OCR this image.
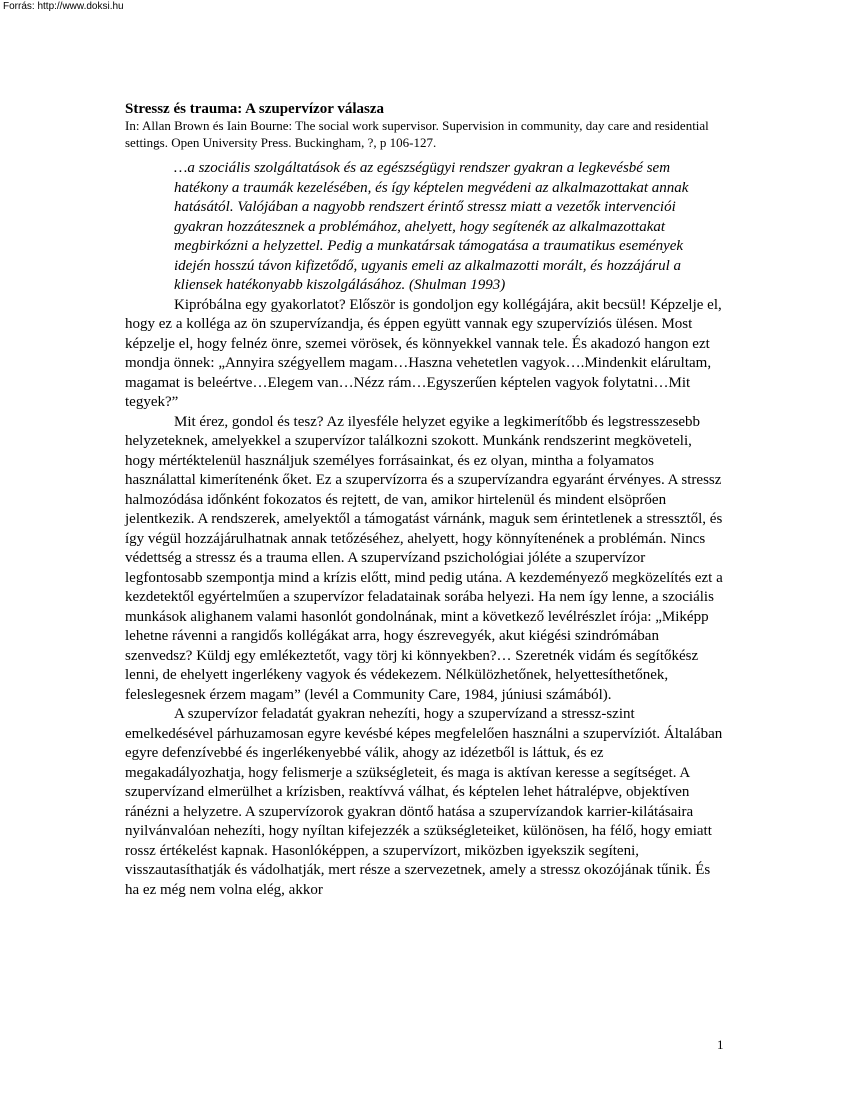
Forrás: http://www.doksi.hu

Stressz és trauma: A szupervízor válasza

In: Allan Brown és Iain Bourne: The social work supervisor. Supervision in community, day care and residential settings. Open University Press. Buckingham, ?, p 106-127.

…a szociális szolgáltatások és az egészségügyi rendszer gyakran a legkevésbé sem hatékony a traumák kezelésében, és így képtelen megvédeni az alkalmazottakat annak hatásától. Valójában a nagyobb rendszert érintő stressz miatt a vezetők intervenciói gyakran hozzátesznek a problémához, ahelyett, hogy segítenék az alkalmazottakat megbirkózni a helyzettel. Pedig a munkatársak támogatása a traumatikus események idején hosszú távon kifizetődő, ugyanis emeli az alkalmazotti morált, és hozzájárul a kliensek hatékonyabb kiszolgálásához. (Shulman 1993)

Kipróbálna egy gyakorlatot? Először is gondoljon egy kollégájára, akit becsül! Képzelje el, hogy ez a kolléga az ön szupervízandja, és éppen együtt vannak egy szupervíziós ülésen. Most képzelje el, hogy felnéz önre, szemei vörösek, és könnyekkel vannak tele. És akadozó hangon ezt mondja önnek: „Annyira szégyellem magam…Haszna vehetetlen vagyok….Mindenkit elárultam, magamat is beleértve…Elegem van…Nézz rám…Egyszerűen képtelen vagyok folytatni…Mit tegyek?”

Mit érez, gondol és tesz? Az ilyesféle helyzet egyike a legkimerítőbb és legstresszesebb helyzeteknek, amelyekkel a szupervízor találkozni szokott. Munkánk rendszerint megköveteli, hogy mértéktelenül használjuk személyes forrásainkat, és ez olyan, mintha a folyamatos használattal kimerítenénk őket. Ez a szupervízorra és a szupervízandra egyaránt érvényes. A stressz halmozódása időnként fokozatos és rejtett, de van, amikor hirtelenül és mindent elsöprően jelentkezik. A rendszerek, amelyektől a támogatást várnánk, maguk sem érintetlenek a stressztől, és így végül hozzájárulhatnak annak tetőzéséhez, ahelyett, hogy könnyítenének a problémán. Nincs védettség a stressz és a trauma ellen. A szupervízand pszichológiai jóléte a szupervízor legfontosabb szempontja mind a krízis előtt, mind pedig utána. A kezdeményező megközelítés ezt a kezdetektől egyértelműen a szupervízor feladatainak sorába helyezi. Ha nem így lenne, a szociális munkások alighanem valami hasonlót gondolnának, mint a következő levélrészlet írója: „Miképp lehetne rávenni a rangidős kollégákat arra, hogy észrevegyék, akut kiégési szindrómában szenvedsz? Küldj egy emlékeztetőt, vagy törj ki könnyekben?… Szeretnék vidám és segítőkész lenni, de ehelyett ingerlékeny vagyok és védekezem. Nélkülözhetőnek, helyettesíthetőnek, feleslegesnek érzem magam” (levél a Community Care, 1984, júniusi számából).

A szupervízor feladatát gyakran nehezíti, hogy a szupervízand a stressz-szint emelkedésével párhuzamosan egyre kevésbé képes megfelelően használni a szupervíziót. Általában egyre defenzívebbé és ingerlékenyebbé válik, ahogy az idézetből is láttuk, és ez megakadályozhatja, hogy felismerje a szükségleteit, és maga is aktívan keresse a segítséget. A szupervízand elmerülhet a krízisben, reaktívvá válhat, és képtelen lehet hátralépve, objektíven ránézni a helyzetre. A szupervízorok gyakran döntő hatása a szupervízandok karrier-kilátásaira nyilvánvalóan nehezíti, hogy nyíltan kifejezzék a szükségleteiket, különösen, ha félő, hogy emiatt rossz értékelést kapnak. Hasonlóképpen, a szupervízort, miközben igyekszik segíteni, visszautasíthatják és vádolhatják, mert része a szervezetnek, amely a stressz okozójának tűnik. És ha ez még nem volna elég, akkor

1
